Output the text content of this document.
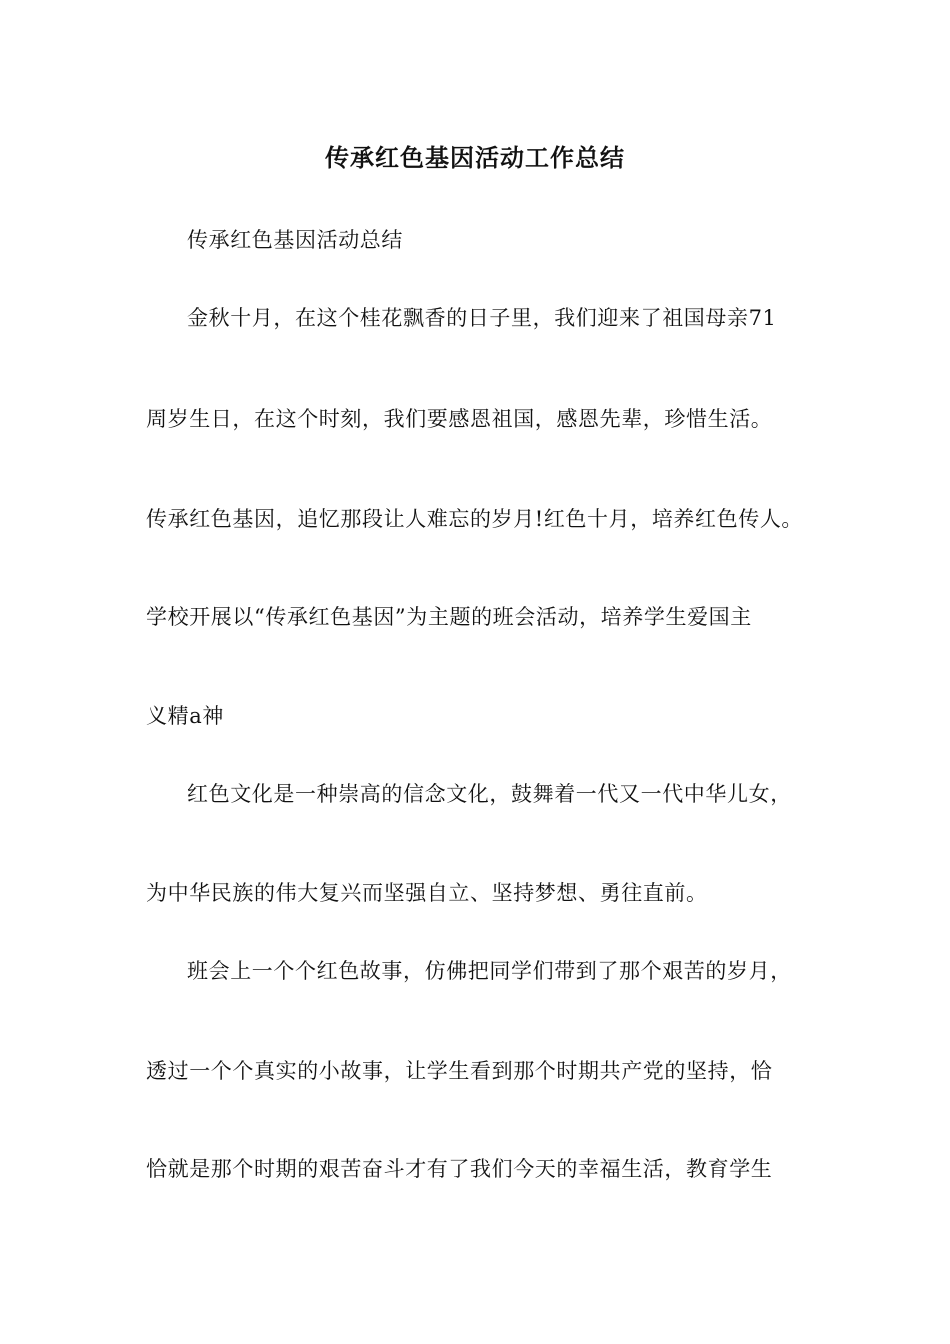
传承红色基因活动工作总结
传承红色基因活动总结
金秋十月，在这个桂花飘香的日子里，我们迎来了祖国母亲71
周岁生日，在这个时刻，我们要感恩祖国，感恩先辈，珍惜生活。
传承红色基因，追忆那段让人难忘的岁月!红色十月，培养红色传人。
学校开展以“传承红色基因”为主题的班会活动，培养学生爱国主
义精a神
红色文化是一种崇高的信念文化，鼓舞着一代又一代中华儿女，
为中华民族的伟大复兴而坚强自立、坚持梦想、勇往直前。
班会上一个个红色故事，仿佛把同学们带到了那个艰苦的岁月，
透过一个个真实的小故事，让学生看到那个时期共产党的坚持，恰
恰就是那个时期的艰苦奋斗才有了我们今天的幸福生活，教育学生
